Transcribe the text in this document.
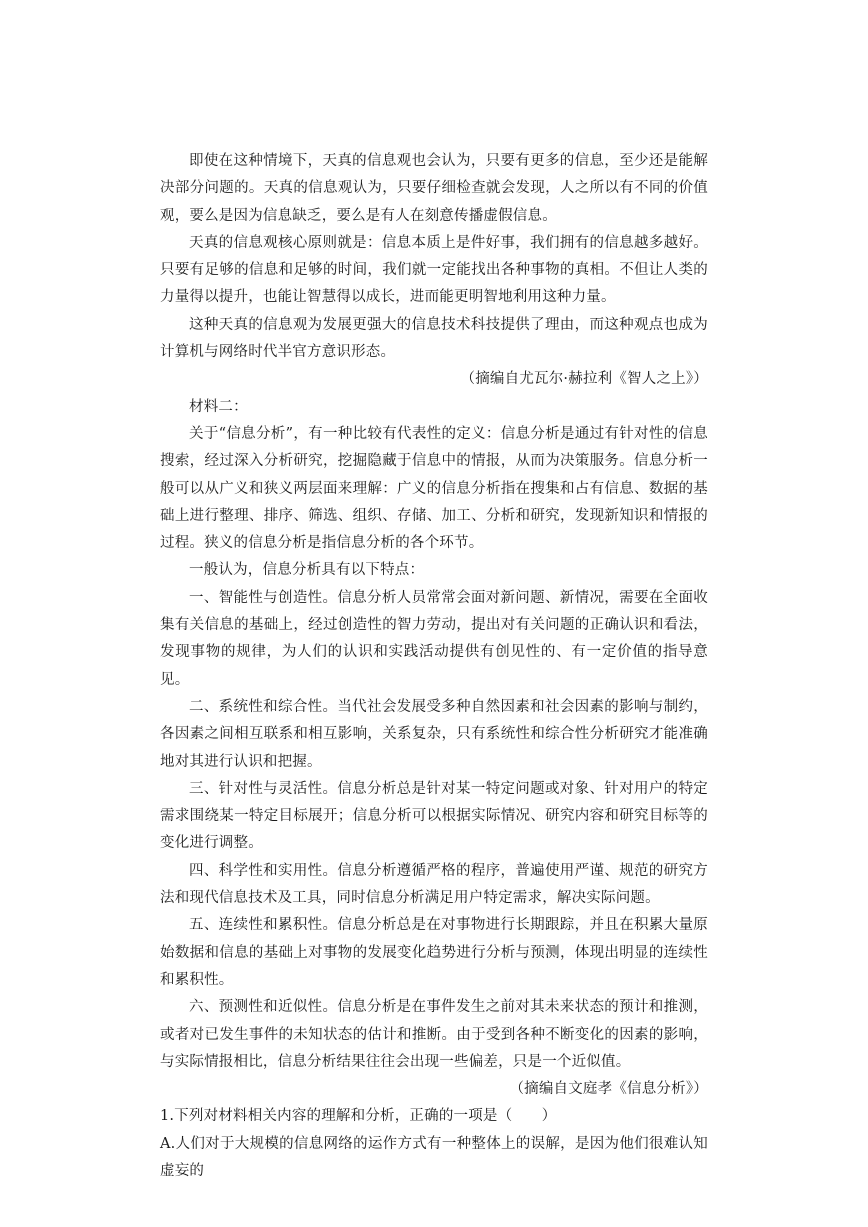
即使在这种情境下，天真的信息观也会认为，只要有更多的信息，至少还是能解决部分问题的。天真的信息观认为，只要仔细检查就会发现，人之所以有不同的价值观，要么是因为信息缺乏，要么是有人在刻意传播虚假信息。

天真的信息观核心原则就是：信息本质上是件好事，我们拥有的信息越多越好。只要有足够的信息和足够的时间，我们就一定能找出各种事物的真相。不但让人类的力量得以提升，也能让智慧得以成长，进而能更明智地利用这种力量。

这种天真的信息观为发展更强大的信息技术科技提供了理由，而这种观点也成为计算机与网络时代半官方意识形态。

（摘编自尤瓦尔·赫拉利《智人之上》）

材料二：

关于“信息分析”，有一种比较有代表性的定义：信息分析是通过有针对性的信息搜索，经过深入分析研究，挖掘隐藏于信息中的情报，从而为决策服务。信息分析一般可以从广义和狭义两层面来理解：广义的信息分析指在搜集和占有信息、数据的基础上进行整理、排序、筛选、组织、存储、加工、分析和研究，发现新知识和情报的过程。狭义的信息分析是指信息分析的各个环节。

一般认为，信息分析具有以下特点：

一、智能性与创造性。信息分析人员常常会面对新问题、新情况，需要在全面收集有关信息的基础上，经过创造性的智力劳动，提出对有关问题的正确认识和看法，发现事物的规律，为人们的认识和实践活动提供有创见性的、有一定价值的指导意见。

二、系统性和综合性。当代社会发展受多种自然因素和社会因素的影响与制约，各因素之间相互联系和相互影响，关系复杂，只有系统性和综合性分析研究才能准确地对其进行认识和把握。

三、针对性与灵活性。信息分析总是针对某一特定问题或对象、针对用户的特定需求围绕某一特定目标展开；信息分析可以根据实际情况、研究内容和研究目标等的变化进行调整。

四、科学性和实用性。信息分析遵循严格的程序，普遍使用严谨、规范的研究方法和现代信息技术及工具，同时信息分析满足用户特定需求，解决实际问题。

五、连续性和累积性。信息分析总是在对事物进行长期跟踪，并且在积累大量原始数据和信息的基础上对事物的发展变化趋势进行分析与预测，体现出明显的连续性和累积性。

六、预测性和近似性。信息分析是在事件发生之前对其未来状态的预计和推测，或者对已发生事件的未知状态的估计和推断。由于受到各种不断变化的因素的影响，与实际情报相比，信息分析结果往往会出现一些偏差，只是一个近似值。

（摘编自文庭孝《信息分析》）

1.下列对材料相关内容的理解和分析，正确的一项是（　　）

A.人们对于大规模的信息网络的运作方式有一种整体上的误解，是因为他们很难认知虚妄的
